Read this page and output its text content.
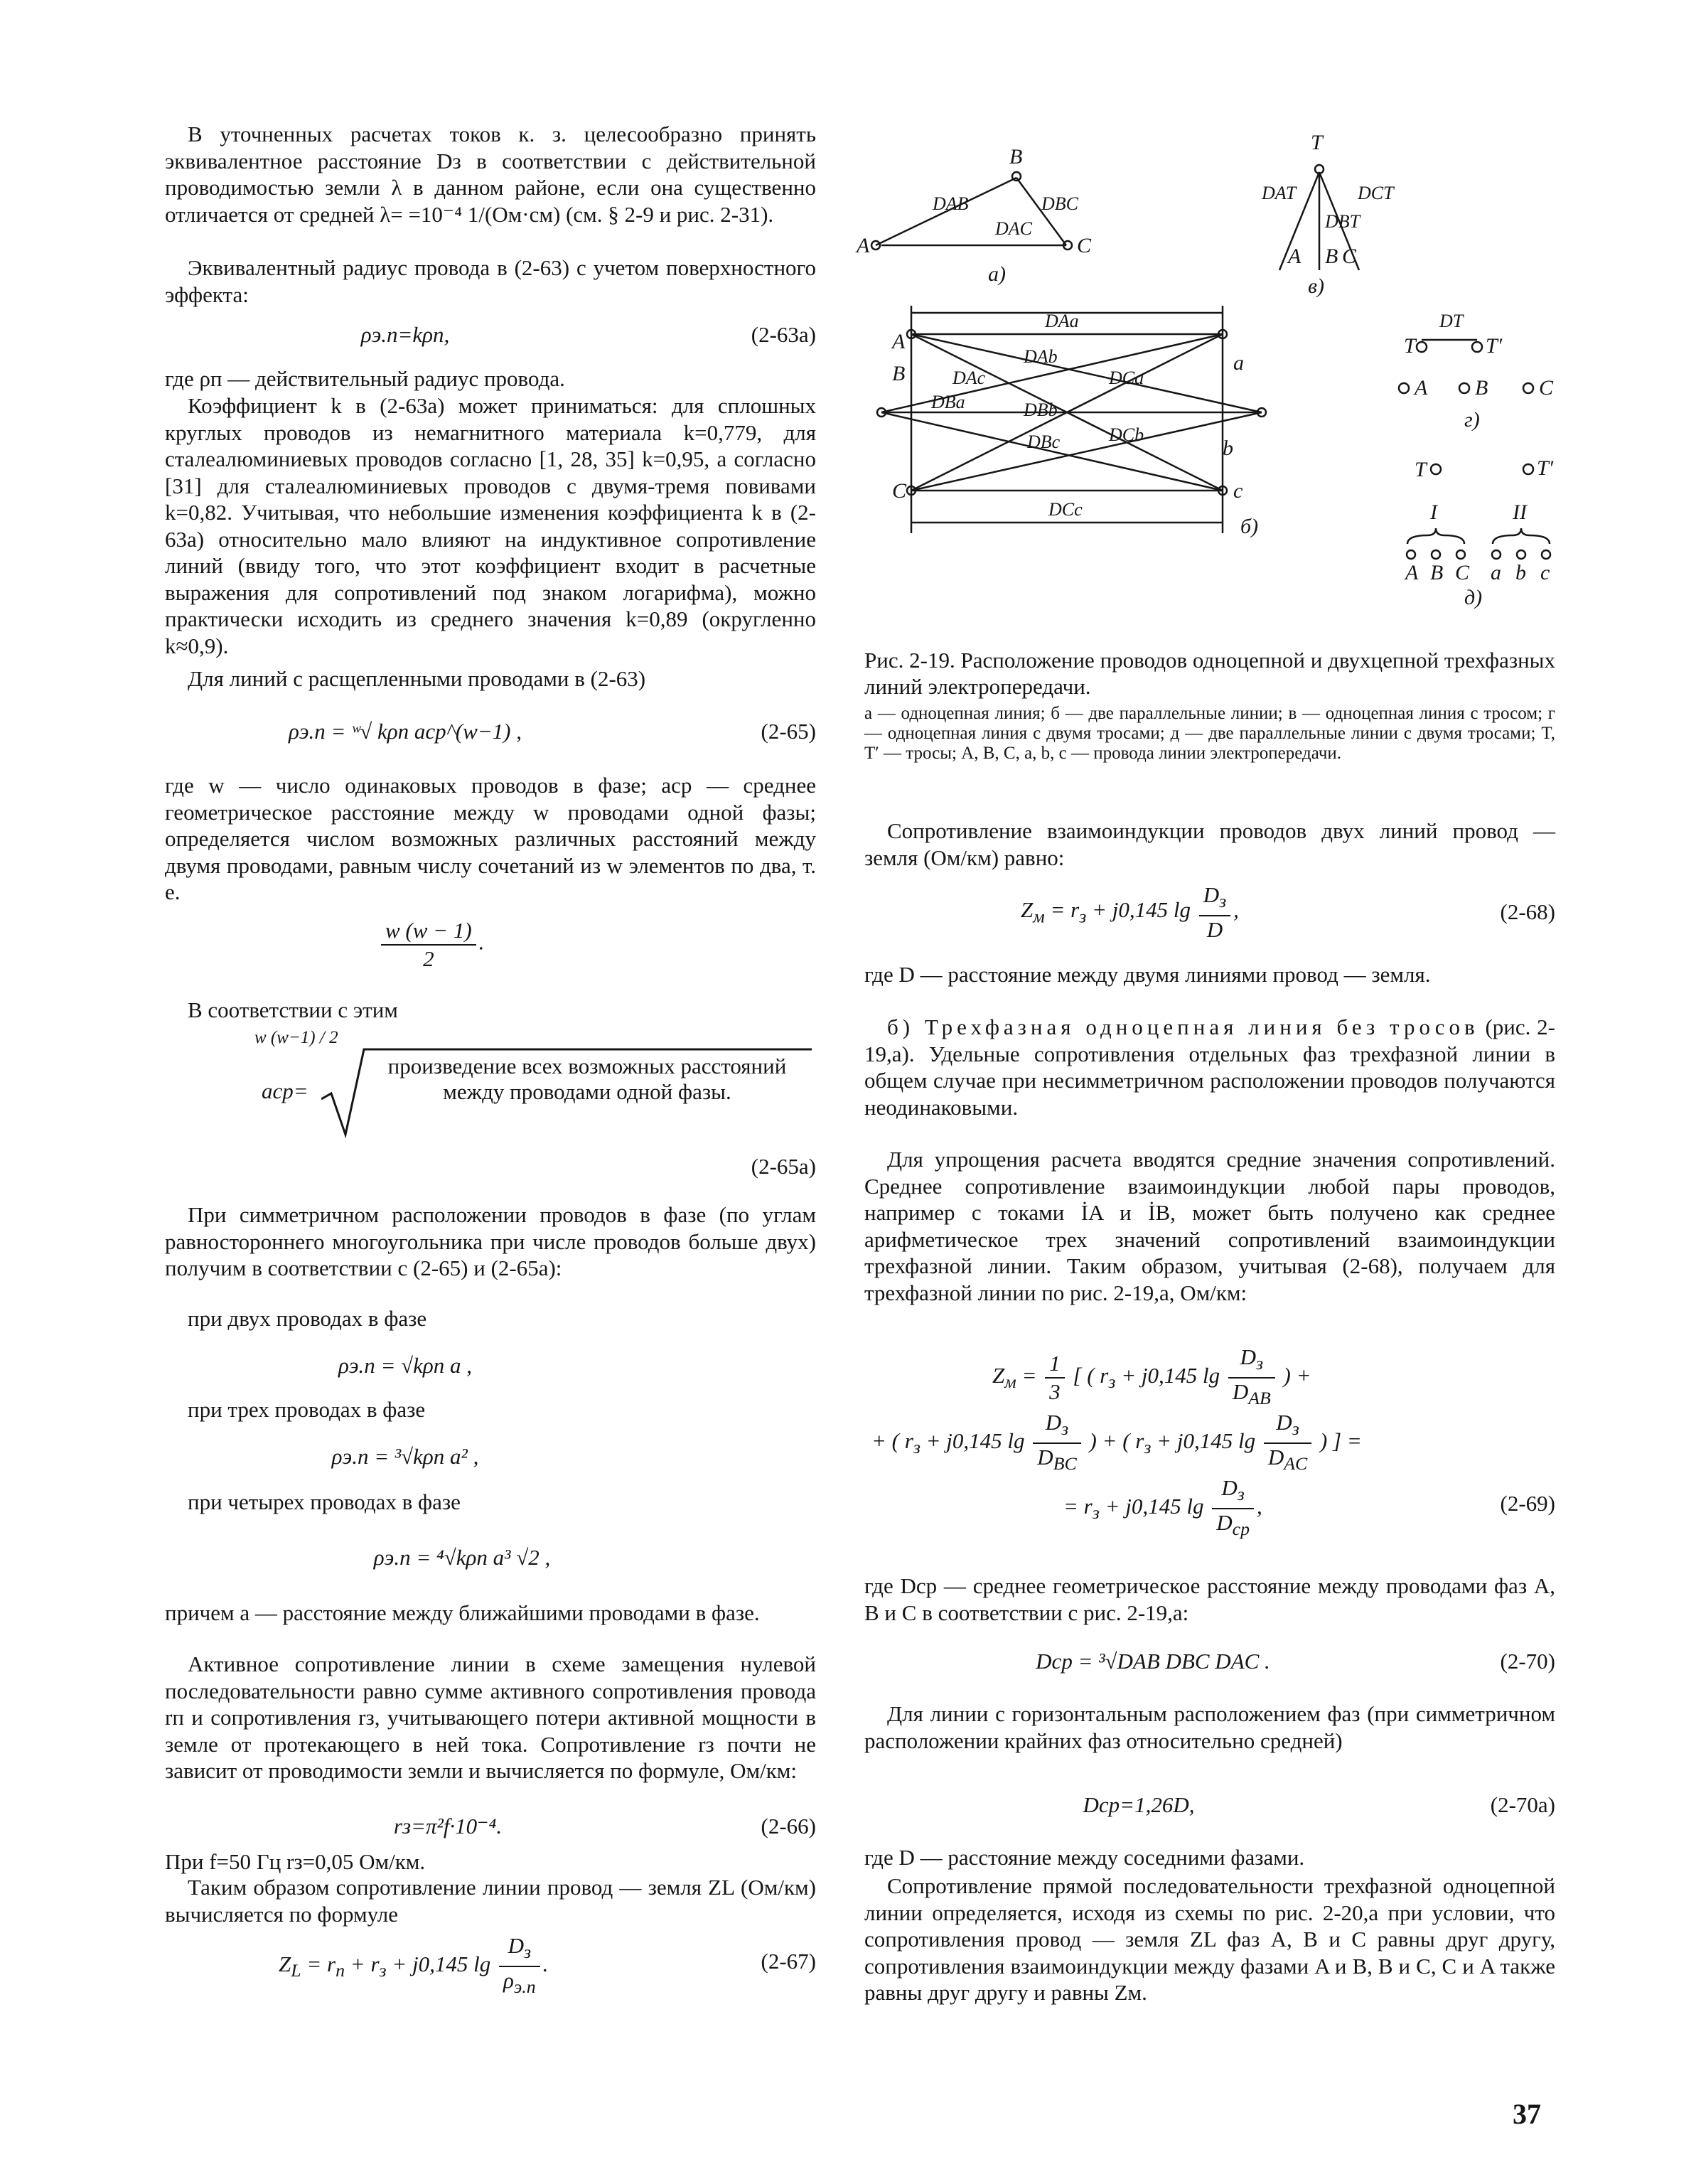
В уточненных расчетах токов к. з. целесообразно принять эквивалентное расстояние Dз в соответствии с действительной проводимостью земли λ в данном районе, если она существенно отличается от средней λ= =10⁻⁴ 1/(Ом·см) (см. § 2-9 и рис. 2-31).

Эквивалентный радиус провода в (2-63) с учетом поверхностного эффекта:

ρэ.п=kρп,	(2-63а)

где ρп — действительный радиус провода.

Коэффициент k в (2-63а) может приниматься: для сплошных круглых проводов из немагнитного материала k=0,779, для сталеалюминиевых проводов согласно [1, 28, 35] k=0,95, а согласно [31] для сталеалюминиевых проводов с двумя-тремя повивами k=0,82. Учитывая, что небольшие изменения коэффициента k в (2-63а) относительно мало влияют на индуктивное сопротивление линий (ввиду того, что этот коэффициент входит в расчетные выражения для сопротивлений под знаком логарифма), можно практически исходить из среднего значения k=0,89 (округленно k≈0,9).

Для линий с расщепленными проводами в (2-63)

ρэ.п = ʷ√ kρп aср^(w−1) ,	(2-65)

где w — число одинаковых проводов в фазе; aср — среднее геометрическое расстояние между w проводами одной фазы; определяется числом возможных различных расстояний между двумя проводами, равным числу сочетаний из w элементов по два, т. е.

$\frac{w (w - 1)}{2}$ .

В соответствии с этим

aср=
w (w−1) / 2
произведение всех возможных расстояний между проводами одной фазы.
(2-65а)

При симметричном расположении проводов в фазе (по углам равностороннего многоугольника при числе проводов больше двух) получим в соответствии с (2-65) и (2-65а):

при двух проводах в фазе

ρэ.п = √kρп a ,

при трех проводах в фазе

ρэ.п = ³√kρп a² ,

при четырех проводах в фазе

ρэ.п = ⁴√kρп a³ √2 ,

причем a — расстояние между ближайшими проводами в фазе.

Активное сопротивление линии в схеме замещения нулевой последовательности равно сумме активного сопротивления провода rп и сопротивления rз, учитывающего потери активной мощности в земле от протекающего в ней тока. Сопротивление rз почти не зависит от проводимости земли и вычисляется по формуле, Ом/км:

rз=π²f·10⁻⁴.	(2-66)

При f=50 Гц rз=0,05 Ом/км.

Таким образом сопротивление линии провод — земля ZL (Ом/км) вычисляется по формуле

$Z_L = r_п + r_з + j0,145$ $\lg \frac{D_з}{\rho_{э.п}}$ .	(2-67)
B
A	C
DAB	DBC
DAC
а)
T
DAT
DBT
DCT
A B C
в)
DAa
DAb
DAc	DCa
DBa	DBb
DBc	DCb
DCc
B
A
a
b
C	c
б)
DT
T	T′
A B C
г)
T	T′
I	II
A B C a b c
д)

Рис. 2-19. Расположение проводов одноцепной и двухцепной трехфазных линий электропередачи.

а — одноцепная линия; б — две параллельные линии; в — одноцепная линия с тросом; г — одноцепная линия с двумя тросами; д — две параллельные линии с двумя тросами; T, T′ — тросы; A, B, C, a, b, c — провода линии электропередачи.

Сопротивление взаимоиндукции проводов двух линий провод — земля (Ом/км) равно:

$Z_м = r_з + j0,145$ $\lg \frac{D_з}{D}$ ,	(2-68)

где D — расстояние между двумя линиями провод — земля.

б) Трехфазная одноцепная линия без тросов (рис. 2-19,а). Удельные сопротивления отдельных фаз трехфазной линии в общем случае при несимметричном расположении проводов получаются неодинаковыми.

Для упрощения расчета вводятся средние значения сопротивлений. Среднее сопротивление взаимоиндукции любой пары проводов, например с токами İA и İB, может быть получено как среднее арифметическое трех значений сопротивлений взаимоиндукции трехфазной линии. Таким образом, учитывая (2-68), получаем для трехфазной линии по рис. 2-19,а, Ом/км:

$Z_м = \frac{1}{3}$ [ ( $r_з + j0,145$ $\lg \frac{D_з}{D_{AB}}$ ) +
+ ( $r_з + j0,145$ $\lg \frac{D_з}{D_{BC}}$ ) + ( $r_з + j0,145$ $\lg \frac{D_з}{D_{AC}}$ ) ] =
= $r_з + j0,145$ $\lg \frac{D_з}{D_{ср}}$ ,	(2-69)

где Dср — среднее геометрическое расстояние между проводами фаз A, B и C в соответствии с рис. 2-19,а:

Dср = ³√DAB DBC DAC .	(2-70)

Для линии с горизонтальным расположением фаз (при симметричном расположении крайних фаз относительно средней)

Dср=1,26D,	(2-70а)

где D — расстояние между соседними фазами.

Сопротивление прямой последовательности трехфазной одноцепной линии определяется, исходя из схемы по рис. 2-20,а при условии, что сопротивления провод — земля ZL фаз A, B и C равны друг другу, сопротивления взаимоиндукции между фазами A и B, B и C, C и A также равны друг другу и равны Zм.

37
